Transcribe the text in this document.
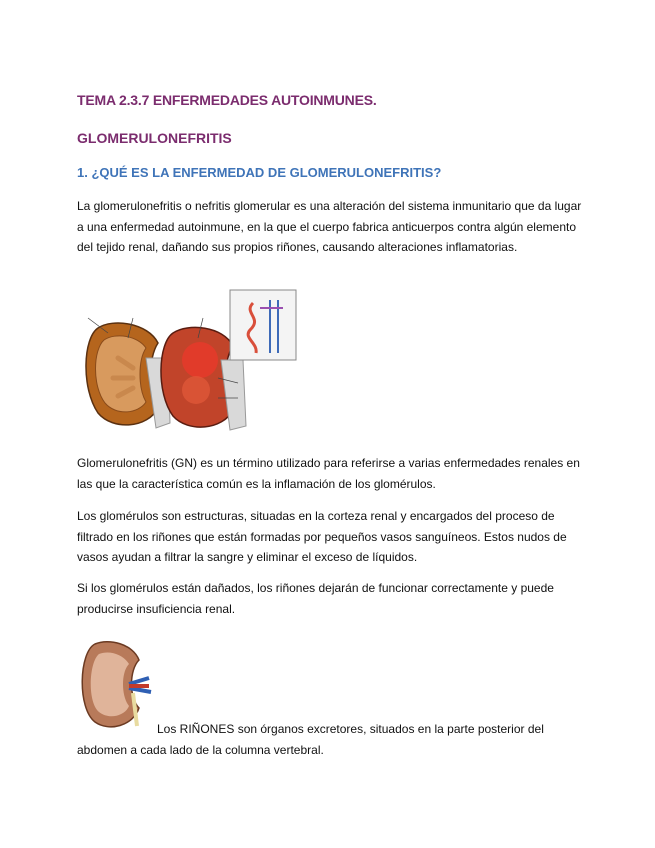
TEMA 2.3.7 ENFERMEDADES AUTOINMUNES.
GLOMERULONEFRITIS
1. ¿QUÉ ES LA ENFERMEDAD DE GLOMERULONEFRITIS?

La glomerulonefritis o nefritis glomerular es una alteración del sistema inmunitario que da lugar a una enfermedad autoinmune, en la que el cuerpo fabrica anticuerpos contra algún elemento del tejido renal, dañando sus propios riñones, causando alteraciones inflamatorias.

Glomerulonefritis (GN) es un término utilizado para referirse a varias enfermedades renales en las que la característica común es la inflamación de los glomérulos.

Los glomérulos son estructuras, situadas en la corteza renal y encargados del proceso de filtrado en los riñones que están formadas por pequeños vasos sanguíneos. Estos nudos de vasos ayudan a filtrar la sangre y eliminar el exceso de líquidos.

Si los glomérulos están dañados, los riñones dejarán de funcionar correctamente y puede producirse insuficiencia renal.

Los RIÑONES son órganos excretores, situados en la parte posterior del abdomen a cada lado de la columna vertebral.
